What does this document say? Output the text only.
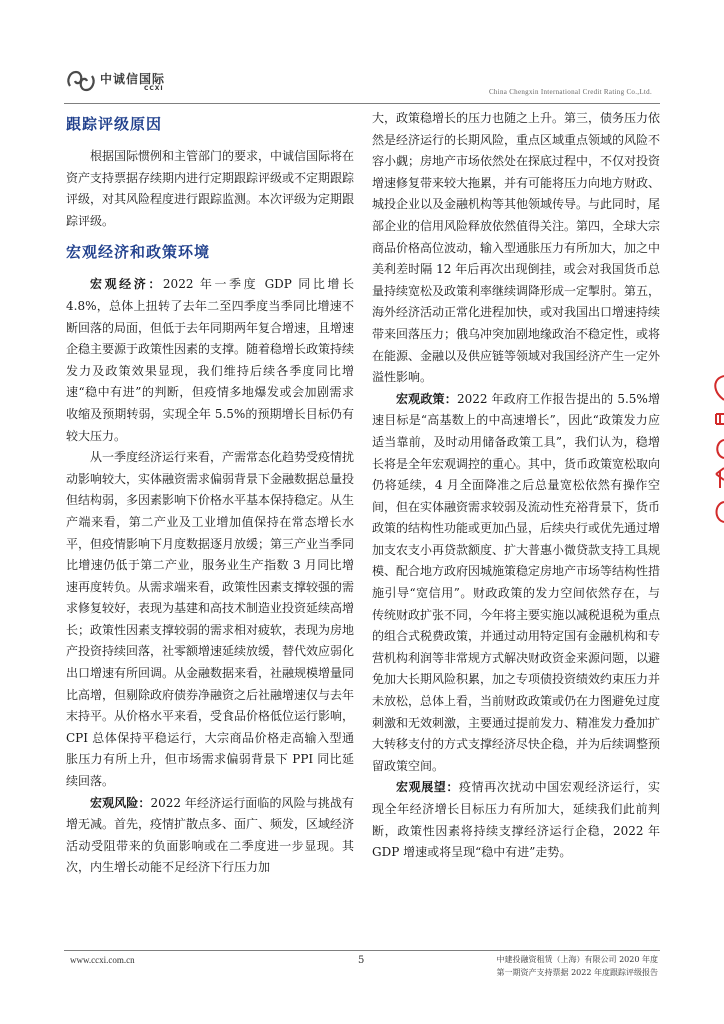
中诚信国际
CCXI	China Chengxin International Credit Rating Co.,Ltd.
跟踪评级原因

根据国际惯例和主管部门的要求，中诚信国际将在资产支持票据存续期内进行定期跟踪评级或不定期跟踪评级，对其风险程度进行跟踪监测。本次评级为定期跟踪评级。

宏观经济和政策环境

宏观经济：2022 年一季度 GDP 同比增长 4.8%，总体上扭转了去年二至四季度当季同比增速不断回落的局面，但低于去年同期两年复合增速，且增速企稳主要源于政策性因素的支撑。随着稳增长政策持续发力及政策效果显现，我们维持后续各季度同比增速“稳中有进”的判断，但疫情多地爆发或会加剧需求收缩及预期转弱，实现全年 5.5%的预期增长目标仍有较大压力。

从一季度经济运行来看，产需常态化趋势受疫情扰动影响较大，实体融资需求偏弱背景下金融数据总量投但结构弱，多因素影响下价格水平基本保持稳定。从生产端来看，第二产业及工业增加值保持在常态增长水平，但疫情影响下月度数据逐月放缓；第三产业当季同比增速仍低于第二产业，服务业生产指数 3 月同比增速再度转负。从需求端来看，政策性因素支撑较强的需求修复较好，表现为基建和高技术制造业投资延续高增长；政策性因素支撑较弱的需求相对疲软，表现为房地产投资持续回落，社零额增速延续放缓，替代效应弱化出口增速有所回调。从金融数据来看，社融规模增量同比高增，但剔除政府债券净融资之后社融增速仅与去年末持平。从价格水平来看，受食品价格低位运行影响，CPI 总体保持平稳运行，大宗商品价格走高输入型通胀压力有所上升，但市场需求偏弱背景下 PPI 同比延续回落。

宏观风险：2022 年经济运行面临的风险与挑战有增无减。首先，疫情扩散点多、面广、频发，区域经济活动受阻带来的负面影响或在二季度进一步显现。其次，内生增长动能不足经济下行压力加

大，政策稳增长的压力也随之上升。第三，债务压力依然是经济运行的长期风险，重点区域重点领域的风险不容小觑；房地产市场依然处在探底过程中，不仅对投资增速修复带来较大拖累，并有可能将压力向地方财政、城投企业以及金融机构等其他领域传导。与此同时，尾部企业的信用风险释放依然值得关注。第四，全球大宗商品价格高位波动，输入型通胀压力有所加大，加之中美利差时隔 12 年后再次出现倒挂，或会对我国货币总量持续宽松及政策利率继续调降形成一定掣肘。第五，海外经济活动正常化进程加快，或对我国出口增速持续带来回落压力；俄乌冲突加剧地缘政治不稳定性，或将在能源、金融以及供应链等领域对我国经济产生一定外溢性影响。

宏观政策：2022 年政府工作报告提出的 5.5%增速目标是“高基数上的中高速增长”，因此“政策发力应适当靠前，及时动用储备政策工具”，我们认为，稳增长将是全年宏观调控的重心。其中，货币政策宽松取向仍将延续，4 月全面降准之后总量宽松依然有操作空间，但在实体融资需求较弱及流动性充裕背景下，货币政策的结构性功能或更加凸显，后续央行或优先通过增加支农支小再贷款额度、扩大普惠小微贷款支持工具规模、配合地方政府因城施策稳定房地产市场等结构性措施引导“宽信用”。财政政策的发力空间依然存在，与传统财政扩张不同，今年将主要实施以减税退税为重点的组合式税费政策，并通过动用特定国有金融机构和专营机构利润等非常规方式解决财政资金来源问题，以避免加大长期风险积累，加之专项债投资绩效约束压力并未放松，总体上看，当前财政政策或仍在力图避免过度刺激和无效刺激，主要通过提前发力、精准发力叠加扩大转移支付的方式支撑经济尽快企稳，并为后续调整预留政策空间。

宏观展望：疫情再次扰动中国宏观经济运行，实现全年经济增长目标压力有所加大，延续我们此前判断，政策性因素将持续支撑经济运行企稳，2022 年 GDP 增速或将呈现“稳中有进”走势。

www.ccxi.com.cn	5	中建投融资租赁（上海）有限公司 2020 年度
第一期资产支持票据 2022 年度跟踪评级报告
